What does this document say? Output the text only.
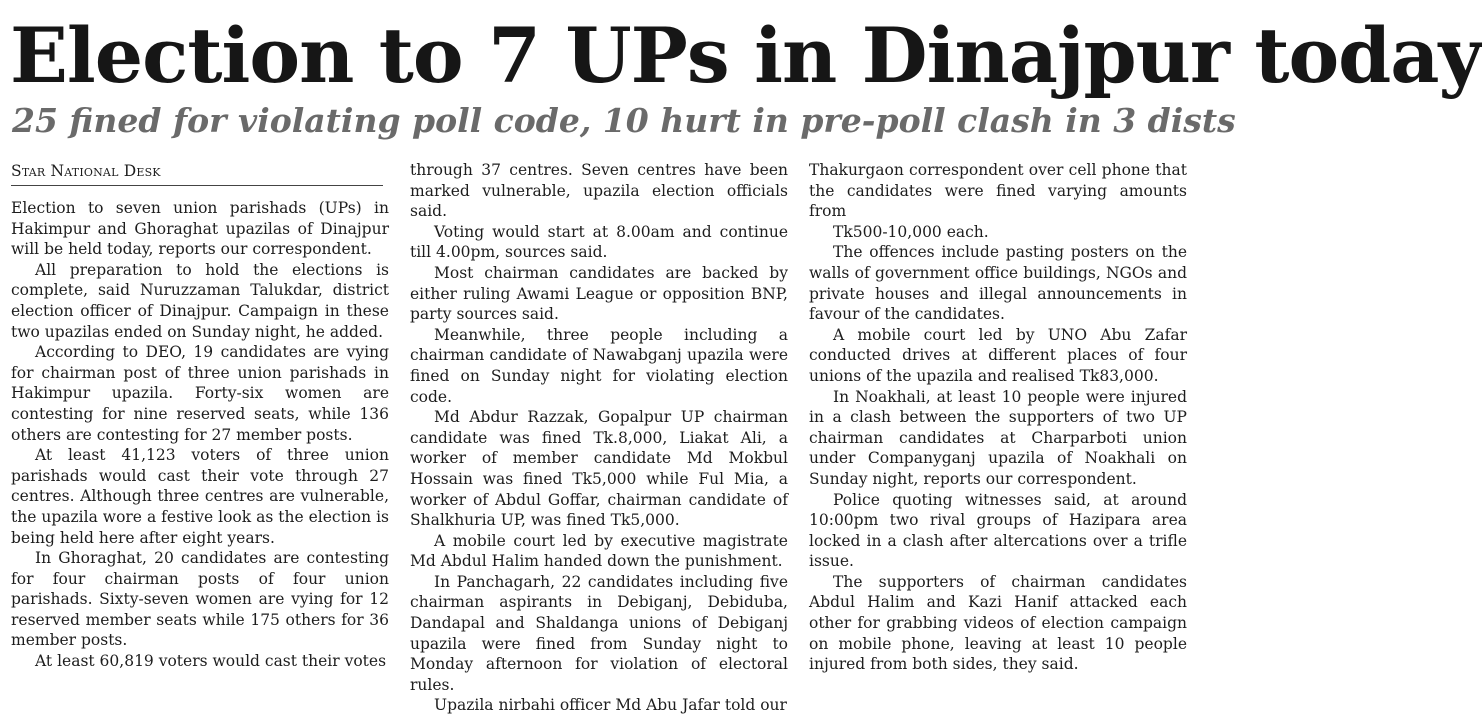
Election to 7 UPs in Dinajpur today
25 fined for violating poll code, 10 hurt in pre-poll clash in 3 dists
Star National Desk

Election to seven union parishads (UPs) in Hakimpur and Ghoraghat upazilas of Dinajpur will be held today, reports our correspondent.

All preparation to hold the elections is complete, said Nuruzzaman Talukdar, district election officer of Dinajpur. Campaign in these two upazilas ended on Sunday night, he added.

According to DEO, 19 candidates are vying for chairman post of three union parishads in Hakimpur upazila. Forty-six women are contesting for nine reserved seats, while 136 others are contesting for 27 member posts.

At least 41,123 voters of three union parishads would cast their vote through 27 centres. Although three centres are vulnerable, the upazila wore a festive look as the election is being held here after eight years.

In Ghoraghat, 20 candidates are contesting for four chairman posts of four union parishads. Sixty-seven women are vying for 12 reserved member seats while 175 others for 36 member posts.

At least 60,819 voters would cast their votes

through 37 centres. Seven centres have been marked vulnerable, upazila election officials said.

Voting would start at 8.00am and continue till 4.00pm, sources said.

Most chairman candidates are backed by either ruling Awami League or opposition BNP, party sources said.

Meanwhile, three people including a chairman candidate of Nawabganj upazila were fined on Sunday night for violating election code.

Md Abdur Razzak, Gopalpur UP chairman candidate was fined Tk.8,000, Liakat Ali, a worker of member candidate Md Mokbul Hossain was fined Tk5,000 while Ful Mia, a worker of Abdul Goffar, chairman candidate of Shalkhuria UP, was fined Tk5,000.

A mobile court led by executive magistrate Md Abdul Halim handed down the punishment.

In Panchagarh, 22 candidates including five chairman aspirants in Debiganj, Debiduba, Dandapal and Shaldanga unions of Debiganj upazila were fined from Sunday night to Monday afternoon for violation of electoral rules.

Upazila nirbahi officer Md Abu Jafar told our

Thakurgaon correspondent over cell phone that the candidates were fined varying amounts from

Tk500-10,000 each.

The offences include pasting posters on the walls of government office buildings, NGOs and private houses and illegal announcements in favour of the candidates.

A mobile court led by UNO Abu Zafar conducted drives at different places of four unions of the upazila and realised Tk83,000.

In Noakhali, at least 10 people were injured in a clash between the supporters of two UP chairman candidates at Charparboti union under Companyganj upazila of Noakhali on Sunday night, reports our correspondent.

Police quoting witnesses said, at around 10:00pm two rival groups of Hazipara area locked in a clash after altercations over a trifle issue.

The supporters of chairman candidates Abdul Halim and Kazi Hanif attacked each other for grabbing videos of election campaign on mobile phone, leaving at least 10 people injured from both sides, they said.
